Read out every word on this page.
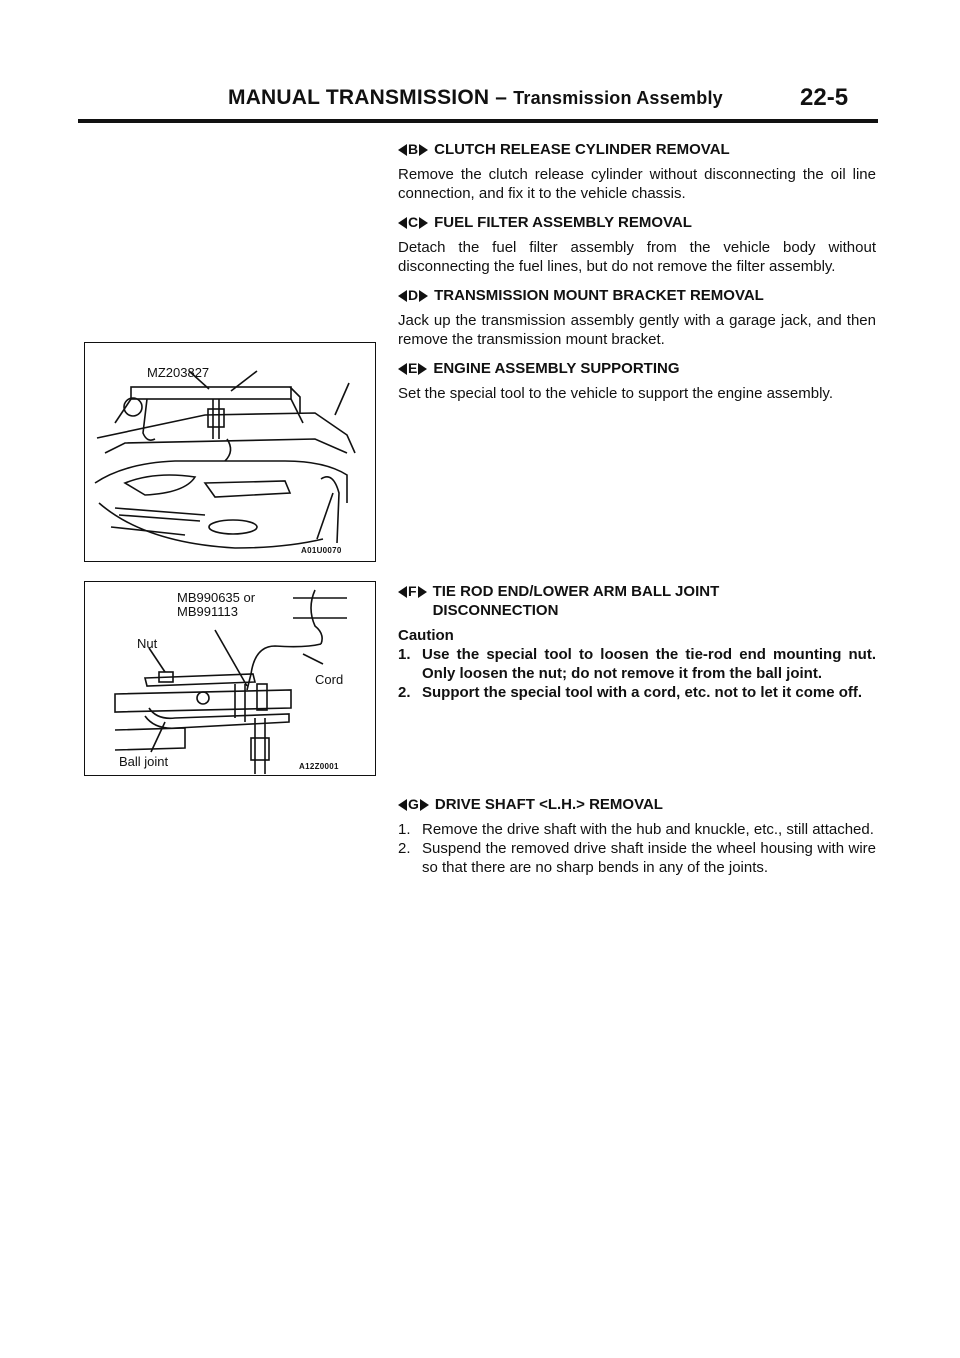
MANUAL TRANSMISSION – Transmission Assembly	22-5
MZ203827
A01U0070
MB990635 or
MB991113
Nut
Cord
Ball joint	A12Z0001
B CLUTCH RELEASE CYLINDER REMOVAL

Remove the clutch release cylinder without disconnecting the oil line connection, and fix it to the vehicle chassis.

C FUEL FILTER ASSEMBLY REMOVAL

Detach the fuel filter assembly from the vehicle body without disconnecting the fuel lines, but do not remove the filter assembly.

D TRANSMISSION MOUNT BRACKET REMOVAL

Jack up the transmission assembly gently with a garage jack, and then remove the transmission mount bracket.

E ENGINE ASSEMBLY SUPPORTING

Set the special tool to the vehicle to support the engine assembly.

F TIE ROD END/LOWER ARM BALL JOINT
DISCONNECTION
Caution
1. Use the special tool to loosen the tie-rod end mounting nut. Only loosen the nut; do not remove it from the ball joint.
2. Support the special tool with a cord, etc. not to let it come off.
G DRIVE SHAFT <L.H.> REMOVAL
1. Remove the drive shaft with the hub and knuckle, etc., still attached.
2. Suspend the removed drive shaft inside the wheel housing with wire so that there are no sharp bends in any of the joints.
